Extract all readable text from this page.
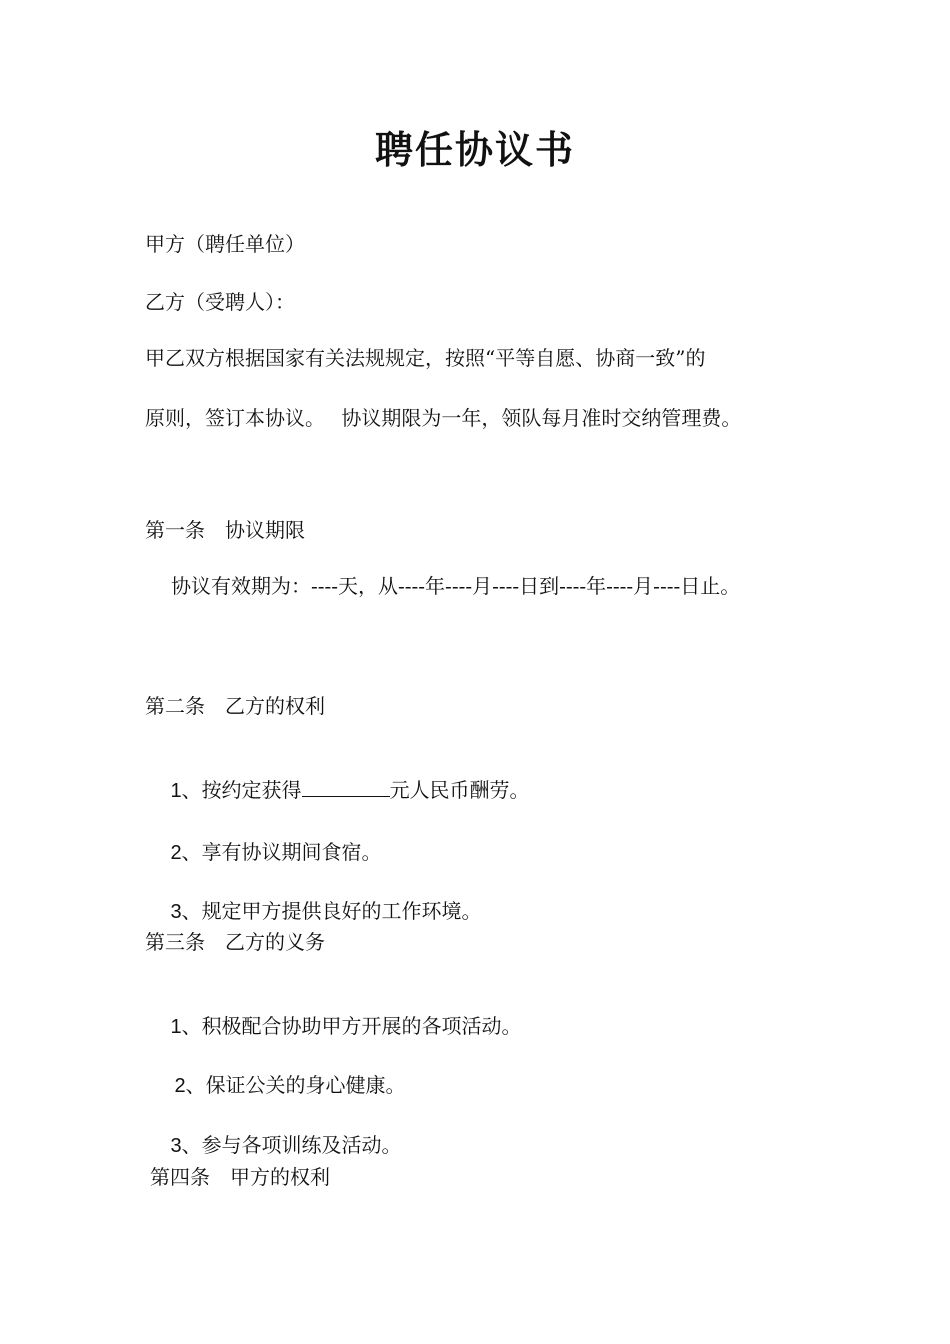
聘任协议书
甲方（聘任单位）
乙方（受聘人）：
甲乙双方根据国家有关法规规定，按照“平等自愿、协商一致”的
原则，签订本协议。　 协议期限为一年，领队每月准时交纳管理费。
第一条　协议期限
协议有效期为：----天，从----年----月----日到----年----月----日止。
第二条　乙方的权利

1、按约定获得	元人民币酬劳。

2、享有协议期间食宿。

3、规定甲方提供良好的工作环境。

第三条　乙方的义务

1、积极配合协助甲方开展的各项活动。

2、保证公关的身心健康。

3、参与各项训练及活动。

第四条　甲方的权利
